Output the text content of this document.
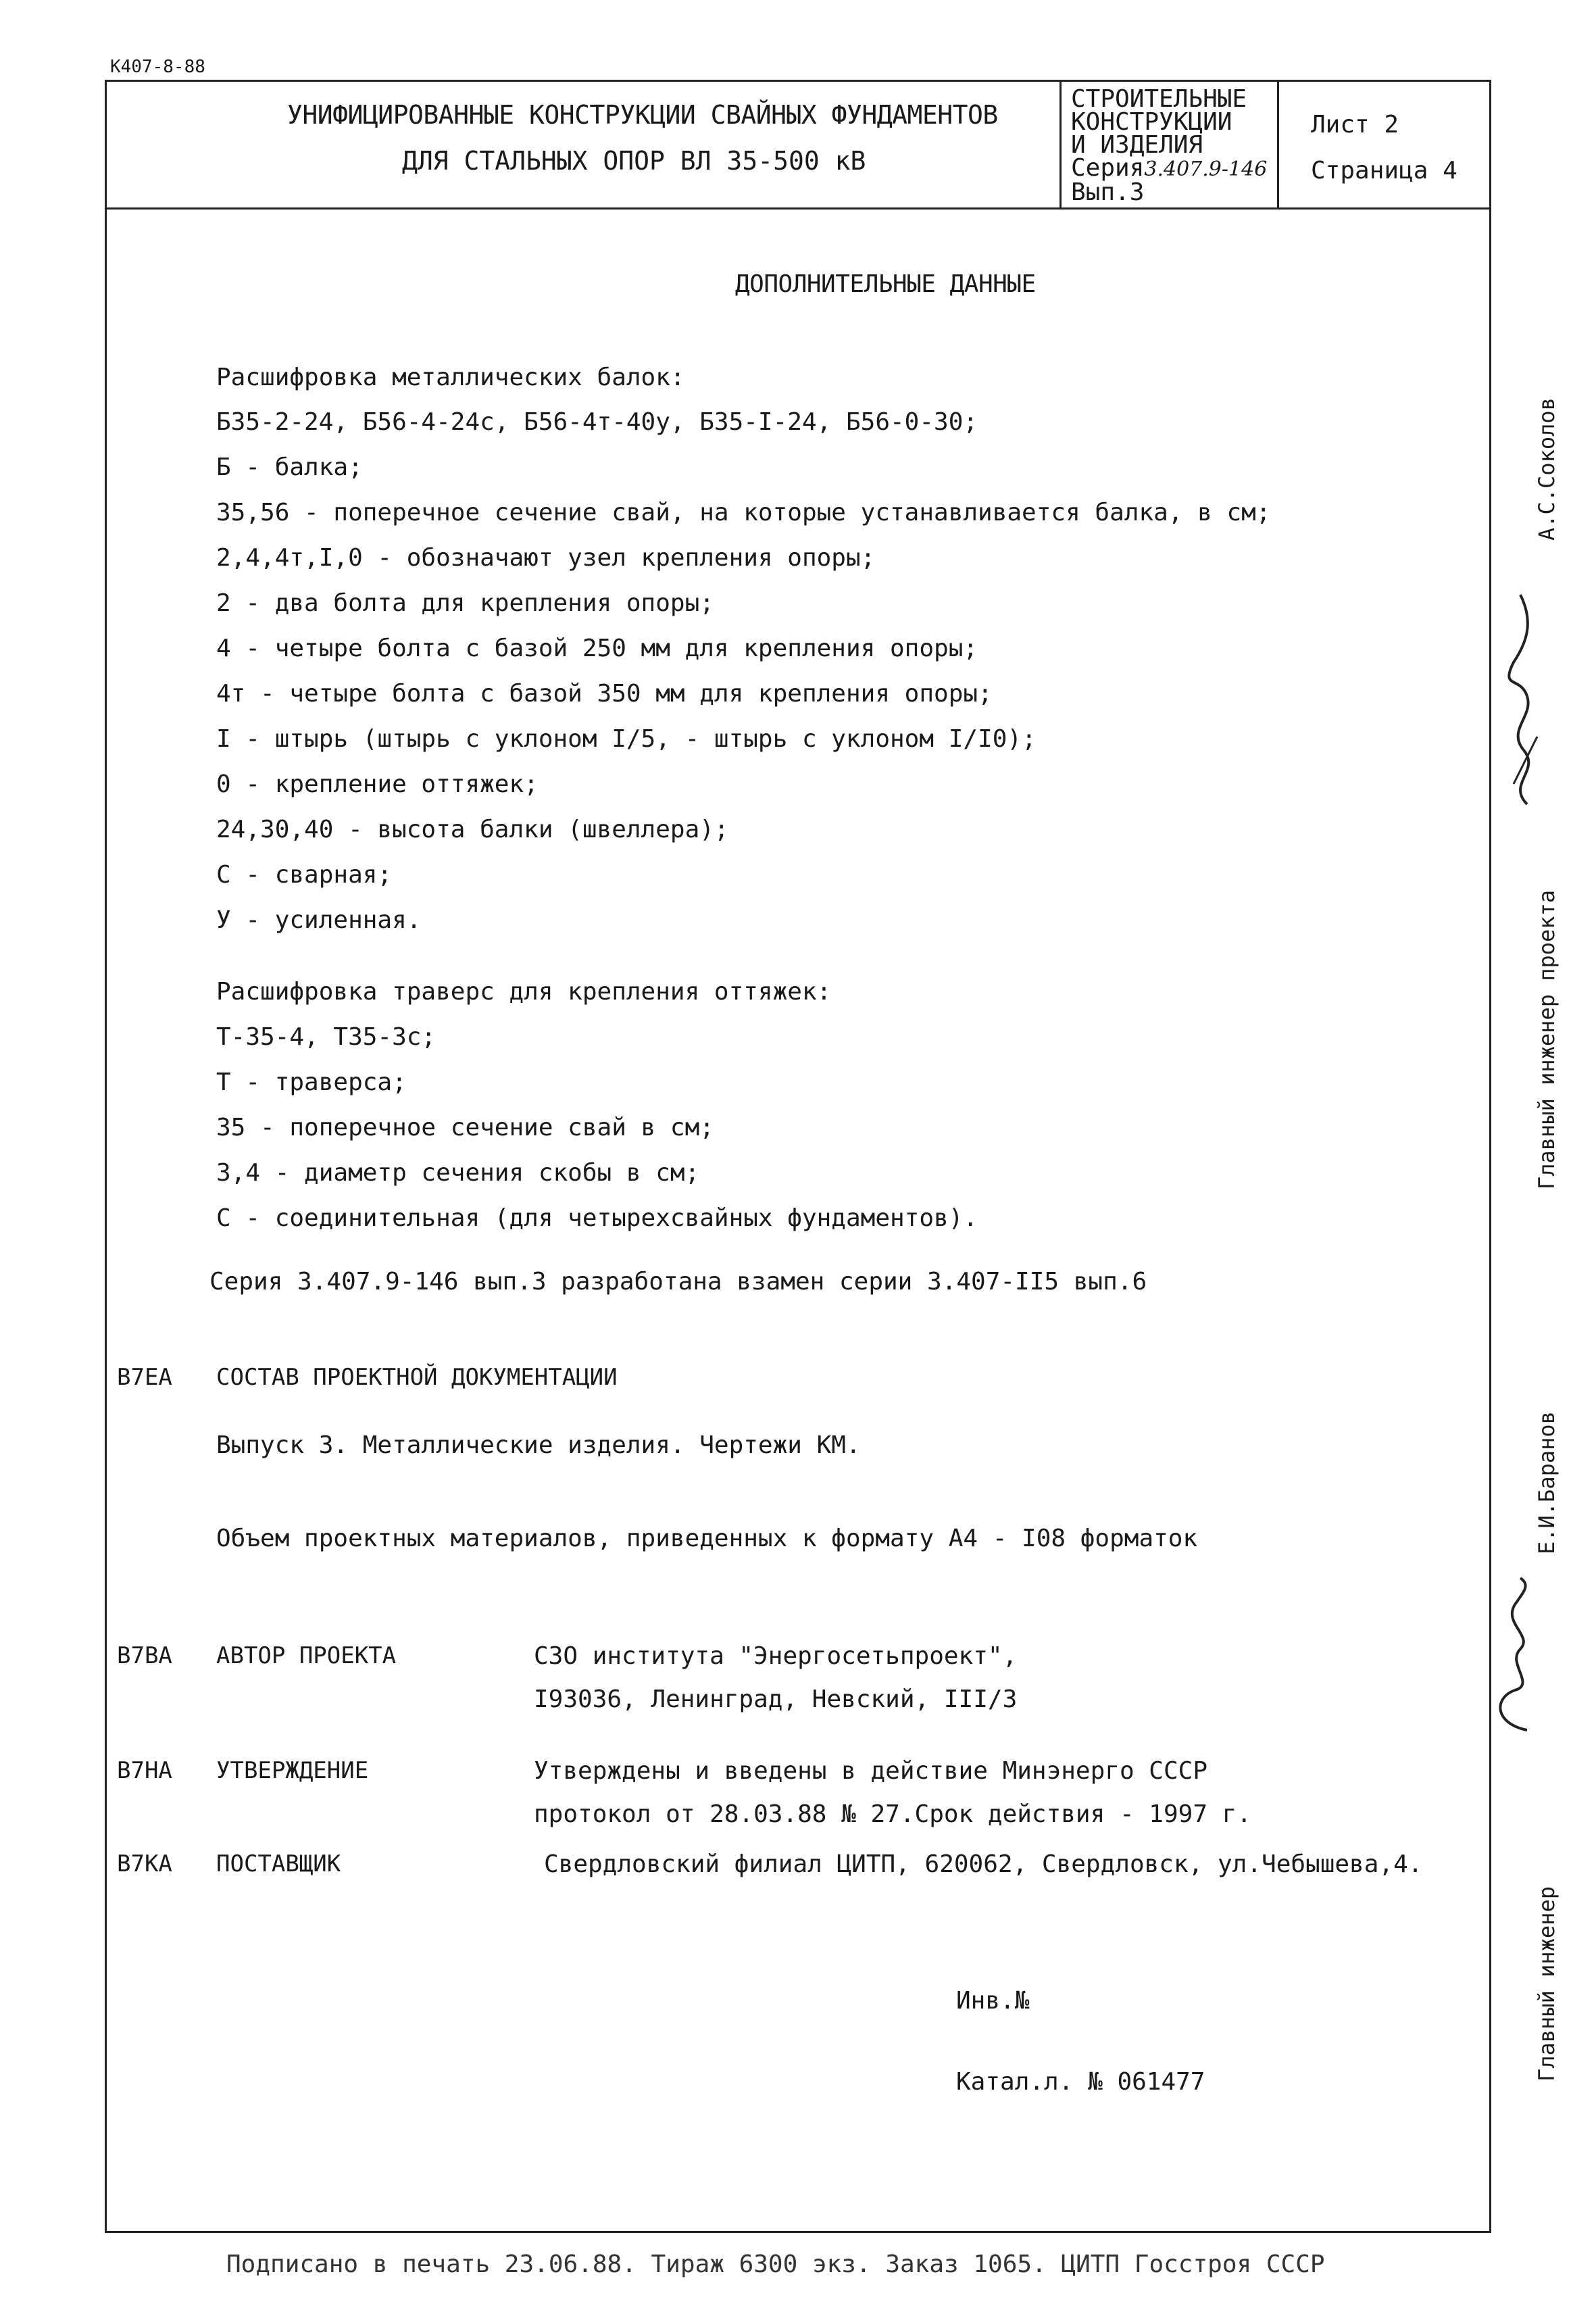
К407-8-88
УНИФИЦИРОВАННЫЕ КОНСТРУКЦИИ СВАЙНЫХ ФУНДАМЕНТОВ
ДЛЯ СТАЛЬНЫХ ОПОР ВЛ 35-500 кВ
СТРОИТЕЛЬНЫЕ
КОНСТРУКЦИИ
И ИЗДЕЛИЯ
Серия3.407.9-146
Вып.3
Лист 2
Страница 4
ДОПОЛНИТЕЛЬНЫЕ ДАННЫЕ
Расшифровка металлических балок:
Б35-2-24, Б56-4-24с, Б56-4т-40у, Б35-I-24, Б56-0-30;
Б - балка;
35,56 - поперечное сечение свай, на которые устанавливается балка, в см;
2,4,4т,I,0 - обозначают узел крепления опоры;
2 - два болта для крепления опоры;
4 - четыре болта с базой 250 мм для крепления опоры;
4т - четыре болта с базой 350 мм для крепления опоры;
I - штырь (штырь с уклоном I/5, - штырь с уклоном I/I0);
0 - крепление оттяжек;
24,30,40 - высота балки (швеллера);
С - сварная;
У - усиленная.
Расшифровка траверс для крепления оттяжек:
Т-35-4, Т35-3с;
Т - траверса;
35 - поперечное сечение свай в см;
3,4 - диаметр сечения скобы в см;
С - соединительная (для четырехсвайных фундаментов).
Серия 3.407.9-146 вып.3 разработана взамен серии 3.407-II5 вып.6
В7ЕА СОСТАВ ПРОЕКТНОЙ ДОКУМЕНТАЦИИ
Выпуск 3. Металлические изделия. Чертежи КМ.
Объем проектных материалов, приведенных к формату А4 - I08 форматок
В7ВА АВТОР ПРОЕКТА	СЗО института "Энергосетьпроект",
I93036, Ленинград, Невский, III/3
В7НА УТВЕРЖДЕНИЕ	Утверждены и введены в действие Минэнерго СССР
протокол от 28.03.88 № 27.Срок действия - 1997 г.
В7КА ПОСТАВЩИК	Свердловский филиал ЦИТП, 620062, Свердловск, ул.Чебышева,4.
Инв.№
Катал.л. № 061477
Главный инженер проекта
А.С.Соколов
Е.И.Баранов
Главный инженер
Подписано в печать 23.06.88. Тираж 6300 экз. Заказ 1065. ЦИТП Госстроя СССР
